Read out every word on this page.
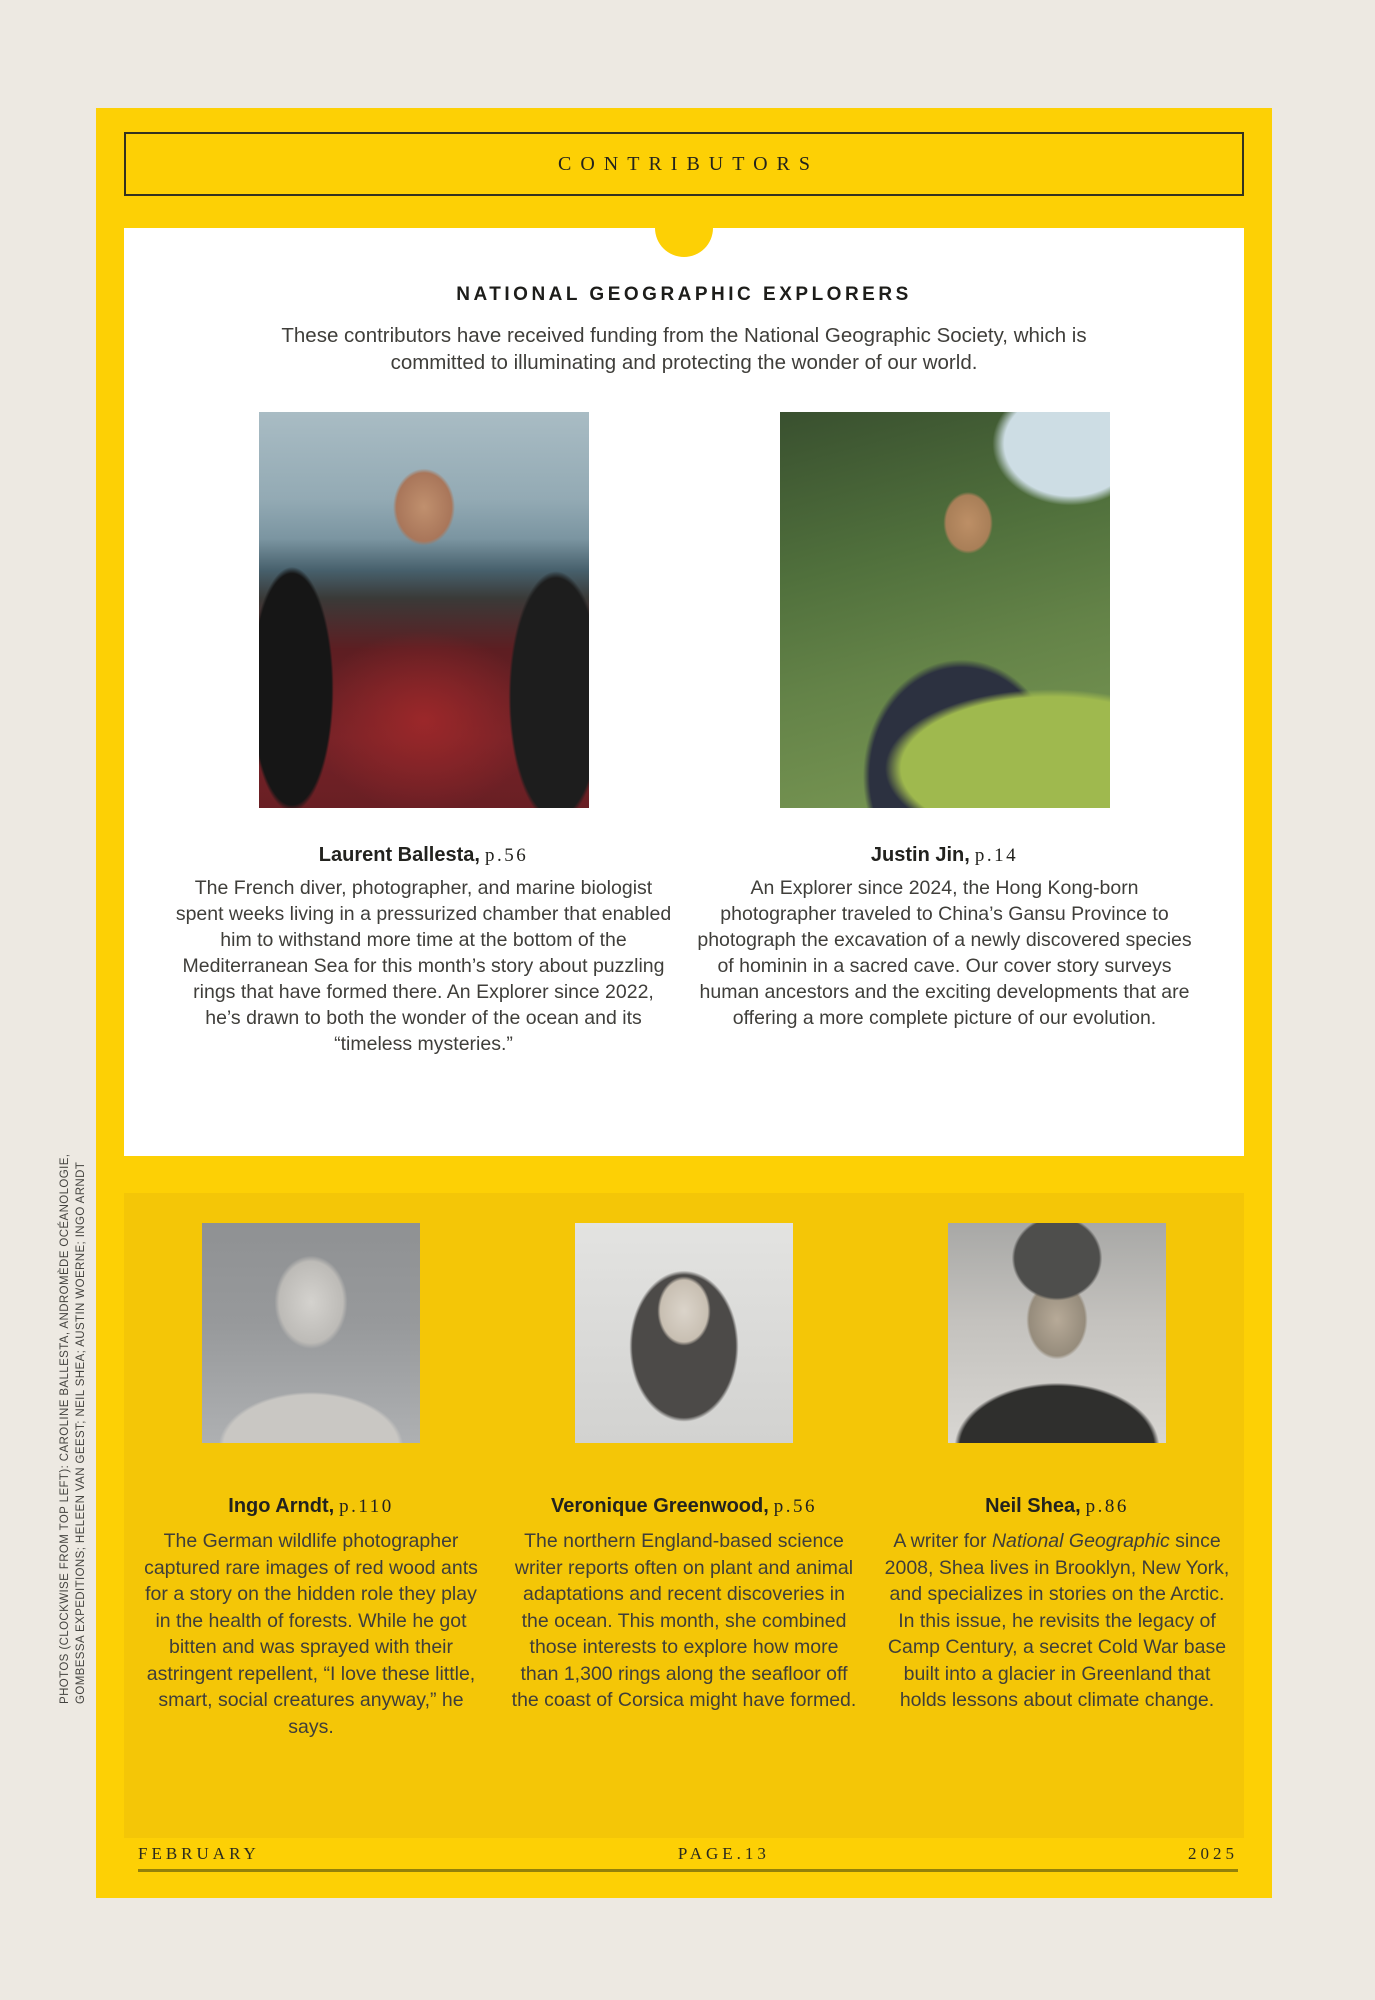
PHOTOS (CLOCKWISE FROM TOP LEFT): CAROLINE BALLESTA, ANDROMÈDE OCÉANOLOGIE, GOMBESSA EXPEDITIONS; HELEEN VAN GEEST; NEIL SHEA; AUSTIN WOERNE; INGO ARNDT
CONTRIBUTORS
NATIONAL GEOGRAPHIC EXPLORERS

These contributors have received funding from the National Geographic Society, which is committed to illuminating and protecting the wonder of our world.

Laurent Ballesta, p.56

The French diver, photographer, and marine biologist spent weeks living in a pressurized chamber that enabled him to withstand more time at the bottom of the Mediterranean Sea for this month’s story about puzzling rings that have formed there. An Explorer since 2022, he’s drawn to both the wonder of the ocean and its “timeless mysteries.”

Justin Jin, p.14

An Explorer since 2024, the Hong Kong-born photographer traveled to China’s Gansu Province to photograph the excavation of a newly discovered species of hominin in a sacred cave. Our cover story surveys human ancestors and the exciting developments that are offering a more complete picture of our evolution.

Ingo Arndt, p.110

The German wildlife photographer captured rare images of red wood ants for a story on the hidden role they play in the health of forests. While he got bitten and was sprayed with their astringent repellent, “I love these little, smart, social creatures anyway,” he says.

Veronique Greenwood, p.56

The northern England-based science writer reports often on plant and animal adaptations and recent discoveries in the ocean. This month, she combined those interests to explore how more than 1,300 rings along the seafloor off the coast of Corsica might have formed.

Neil Shea, p.86

A writer for National Geographic since 2008, Shea lives in Brooklyn, New York, and specializes in stories on the Arctic. In this issue, he revisits the legacy of Camp Century, a secret Cold War base built into a glacier in Greenland that holds lessons about climate change.

FEBRUARY	PAGE.13	2025
